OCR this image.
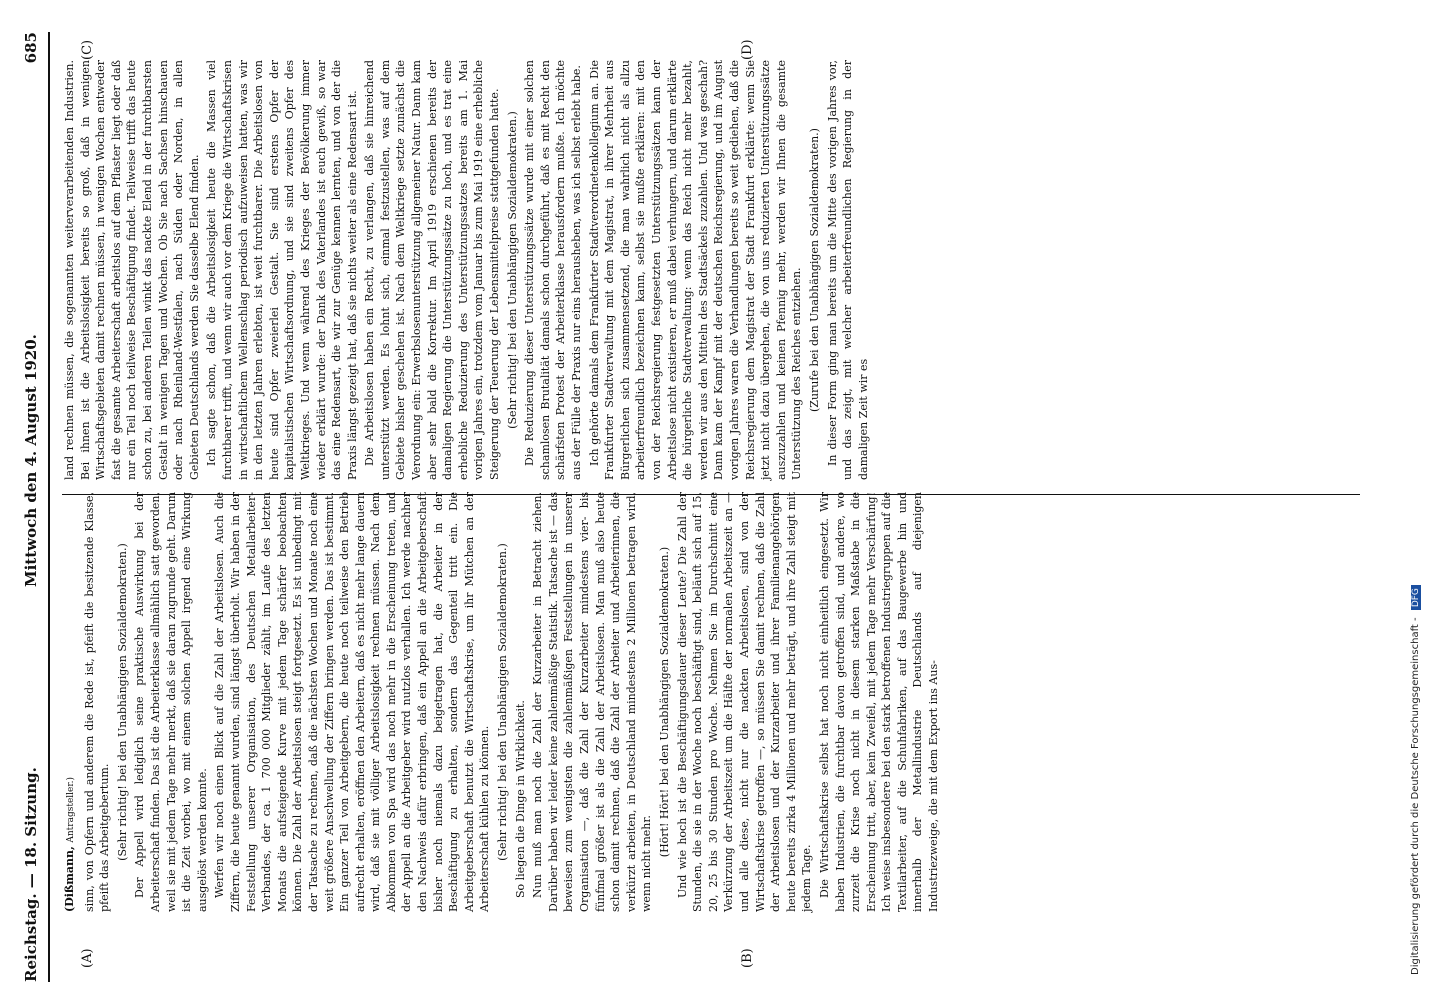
Reichstag. — 18. Sitzung.
Mittwoch den 4. August 1920.
685
(A)	(B)
(C)	(D)

(Dißmann, Antragsteller.) sinn, von Opfern und anderem die Rede ist, pfeift die besitzende Klasse, pfeift das Arbeitgebertum. (Sehr richtig! bei den Unabhängigen Sozialdemokraten.) Der Appell wird lediglich seine praktische Auswirkung bei der Arbeiterschaft finden. Das ist die Arbeiterklasse allmählich satt geworden, weil sie mit jedem Tage mehr merkt, daß sie daran zugrunde geht. Darum ist die Zeit vorbei, wo mit einem solchen Appell irgend eine Wirkung ausgelöst werden konnte. Werfen wir noch einen Blick auf die Zahl der Arbeitslosen. Auch die Ziffern, die heute genannt wurden, sind längst überholt. Wir haben in der Feststellung unserer Organisation, des Deutschen Metallarbeiter-Verbandes, der ca. 1 700 000 Mitglieder zählt, im Laufe des letzten Monats die aufsteigende Kurve mit jedem Tage schärfer beobachten können. Die Zahl der Arbeitslosen steigt fortgesetzt. Es ist unbedingt mit der Tatsache zu rechnen, daß die nächsten Wochen und Monate noch eine weit größere Anschwellung der Ziffern bringen werden. Das ist bestimmt. Ein ganzer Teil von Arbeitgebern, die heute noch teilweise den Betrieb aufrecht erhalten, eröffnen den Arbeitern, daß es nicht mehr lange dauern wird, daß sie mit völliger Arbeitslosigkeit rechnen müssen. Nach dem Abkommen von Spa wird das noch mehr in die Erscheinung treten, und der Appell an die Arbeitgeber wird nutzlos verhallen. Ich werde nachher den Nachweis dafür erbringen, daß ein Appell an die Arbeitgeberschaft bisher noch niemals dazu beigetragen hat, die Arbeiter in der Beschäftigung zu erhalten, sondern das Gegenteil tritt ein. Die Arbeitgeberschaft benutzt die Wirtschaftskrise, um ihr Mütchen an der Arbeiterschaft kühlen zu können. (Sehr richtig! bei den Unabhängigen Sozialdemokraten.) So liegen die Dinge in Wirklichkeit. Nun muß man noch die Zahl der Kurzarbeiter in Betracht ziehen. Darüber haben wir leider keine zahlenmäßige Statistik. Tatsache ist — das beweisen zum wenigsten die zahlenmäßigen Feststellungen in unserer Organisation —, daß die Zahl der Kurzarbeiter mindestens vier- bis fünfmal größer ist als die Zahl der Arbeitslosen. Man muß also heute schon damit rechnen, daß die Zahl der Arbeiter und Arbeiterinnen, die verkürzt arbeiten, in Deutschland mindestens 2 Millionen betragen wird, wenn nicht mehr.

(Hört! Hört! bei den Unabhängigen Sozialdemokraten.) Und wie hoch ist die Beschäftigungsdauer dieser Leute? Die Zahl der Stunden, die sie in der Woche noch beschäftigt sind, beläuft sich auf 15, 20, 25 bis 30 Stunden pro Woche. Nehmen Sie im Durchschnitt eine Verkürzung der Arbeitszeit um die Hälfte der normalen Arbeitszeit an — und alle diese, nicht nur die nackten Arbeitslosen, sind von der Wirtschaftskrise getroffen —, so müssen Sie damit rechnen, daß die Zahl der Arbeitslosen und der Kurzarbeiter und ihrer Familienangehörigen heute bereits zirka 4 Millionen und mehr beträgt, und ihre Zahl steigt mit jedem Tage. Die Wirtschaftskrise selbst hat noch nicht einheitlich eingesetzt. Wir haben Industrien, die furchtbar davon getroffen sind, und andere, wo zurzeit die Krise noch nicht in diesem starken Maßstabe in die Erscheinung tritt, aber, kein Zweifel, mit jedem Tage mehr Verschärfung! Ich weise insbesondere bei den stark betroffenen Industriegruppen auf die Textilarbeiter, auf die Schuhfabriken, auf das Baugewerbe hin und innerhalb der Metallindustrie Deutschlands auf diejenigen Industriezweige, die mit dem Export ins Aus-

land rechnen müssen, die sogenannten weiterverarbeitenden Industrien. Bei ihnen ist die Arbeitslosigkeit bereits so groß, daß in wenigen Wirtschaftsgebieten damit rechnen müssen, in wenigen Wochen entweder fast die gesamte Arbeiterschaft arbeitslos auf dem Pflaster liegt oder daß nur ein Teil noch teilweise Beschäftigung findet. Teilweise trifft das heute schon zu, bei anderen Teilen winkt das nackte Elend in der furchtbarsten Gestalt in wenigen Tagen und Wochen. Ob Sie nach Sachsen hinschauen oder nach Rheinland-Westfalen, nach Süden oder Norden, in allen Gebieten Deutschlands werden Sie dasselbe Elend finden. Ich sagte schon, daß die Arbeitslosigkeit heute die Massen viel furchtbarer trifft, und wenn wir auch vor dem Kriege die Wirtschaftskrisen in wirtschaftlichem Wellenschlag periodisch aufzuweisen hatten, was wir in den letzten Jahren erlebten, ist weit furchtbarer. Die Arbeitslosen von heute sind Opfer zweierlei Gestalt. Sie sind erstens Opfer der kapitalistischen Wirtschaftsordnung, und sie sind zweitens Opfer des Weltkrieges. Und wenn während des Krieges der Bevölkerung immer wieder erklärt wurde: der Dank des Vaterlandes ist euch gewiß, so war das eine Redensart, die wir zur Genüge kennen lernten, und von der die Praxis längst gezeigt hat, daß sie nichts weiter als eine Redensart ist. Die Arbeitslosen haben ein Recht, zu verlangen, daß sie hinreichend unterstützt werden. Es lohnt sich, einmal festzustellen, was auf dem Gebiete bisher geschehen ist. Nach dem Weltkriege setzte zunächst die Verordnung ein: Erwerbslosenunterstützung allgemeiner Natur. Dann kam aber sehr bald die Korrektur. Im April 1919 erschienen bereits der damaligen Regierung die Unterstützungssätze zu hoch, und es trat eine erhebliche Reduzierung des Unterstützungssatzes bereits am 1. Mai vorigen Jahres ein, trotzdem vom Januar bis zum Mai 1919 eine erhebliche Steigerung der Teuerung der Lebensmittelpreise stattgefunden hatte. (Sehr richtig! bei den Unabhängigen Sozialdemokraten.) Die Reduzierung dieser Unterstützungssätze wurde mit einer solchen schamlosen Brutalität damals schon durchgeführt, daß es mit Recht den schärfsten Protest der Arbeiterklasse herausfordern mußte. Ich möchte aus der Fülle der Praxis nur eins herausheben, was ich selbst erlebt habe. Ich gehörte damals dem Frankfurter Stadtverordnetenkollegium an. Die Frankfurter Stadtverwaltung mit dem Magistrat, in ihrer Mehrheit aus Bürgerlichen sich zusammensetzend, die man wahrlich nicht als allzu arbeiterfreundlich bezeichnen kann, selbst sie mußte erklären: mit den von der Reichsregierung festgesetzten Unterstützungssätzen kann der Arbeitslose nicht existieren, er muß dabei verhungern, und darum erklärte die bürgerliche Stadtverwaltung: wenn das Reich nicht mehr bezahlt, werden wir aus den Mitteln des Stadtsäckels zuzahlen. Und was geschah? Dann kam der Kampf mit der deutschen Reichsregierung, und im August vorigen Jahres waren die Verhandlungen bereits so weit gediehen, daß die Reichsregierung dem Magistrat der Stadt Frankfurt erklärte: wenn Sie jetzt nicht dazu übergehen, die von uns reduzierten Unterstützungssätze auszuzahlen und keinen Pfennig mehr, werden wir Ihnen die gesamte Unterstützung des Reiches entziehen. (Zurufe bei den Unabhängigen Sozialdemokraten.) In dieser Form ging man bereits um die Mitte des vorigen Jahres vor, und das zeigt, mit welcher arbeiterfreundlichen Regierung in der damaligen Zeit wir es

Digitalisierung gefördert durch die Deutsche Forschungsgemeinschaft - DFG
